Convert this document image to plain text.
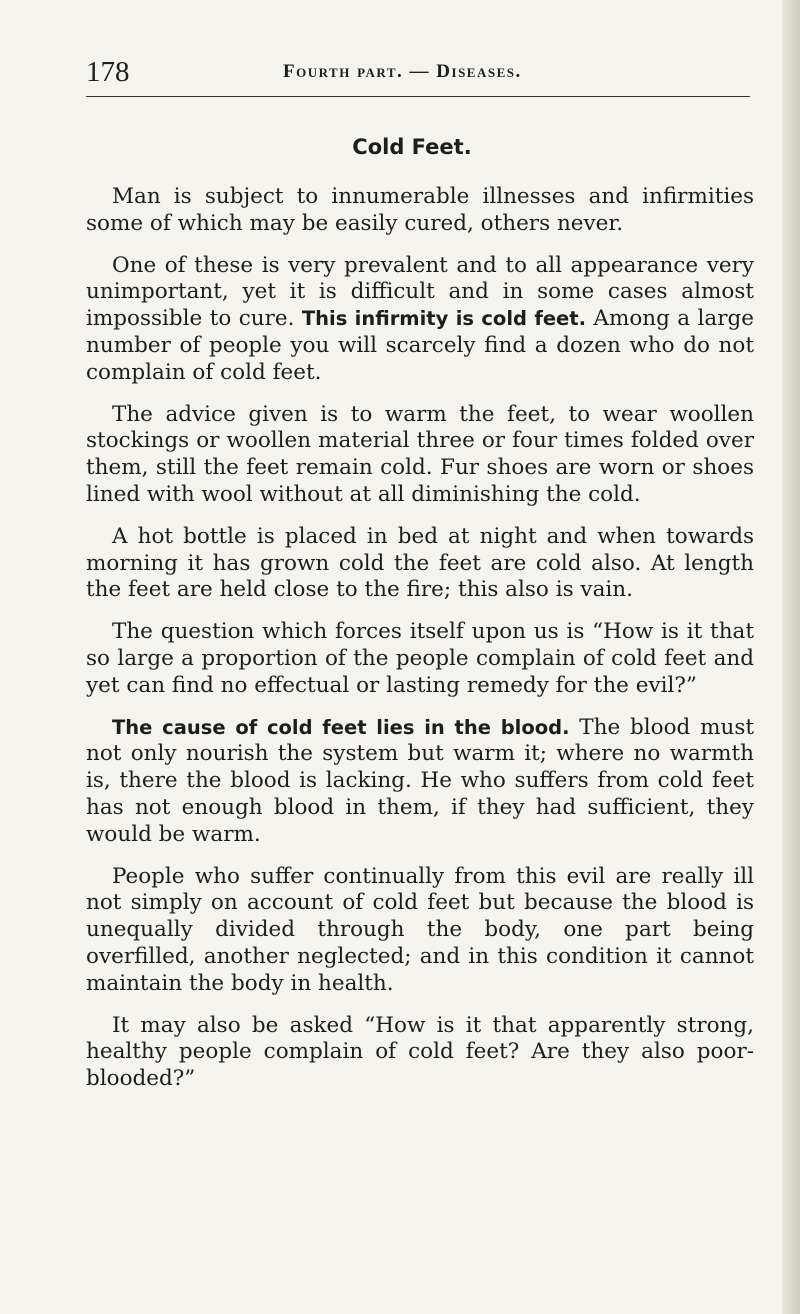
178	Fourth part. — Diseases.
Cold Feet.

Man is subject to innumerable illnesses and infirmities some of which may be easily cured, others never.

One of these is very prevalent and to all appearance very unimportant, yet it is difficult and in some cases almost impossible to cure. This infirmity is cold feet. Among a large number of people you will scarcely find a dozen who do not complain of cold feet.

The advice given is to warm the feet, to wear woollen stockings or woollen material three or four times folded over them, still the feet remain cold. Fur shoes are worn or shoes lined with wool without at all diminishing the cold.

A hot bottle is placed in bed at night and when towards morning it has grown cold the feet are cold also. At length the feet are held close to the fire; this also is vain.

The question which forces itself upon us is “How is it that so large a proportion of the people complain of cold feet and yet can find no effectual or lasting remedy for the evil?”

The cause of cold feet lies in the blood. The blood must not only nourish the system but warm it; where no warmth is, there the blood is lacking. He who suffers from cold feet has not enough blood in them, if they had sufficient, they would be warm.

People who suffer continually from this evil are really ill not simply on account of cold feet but because the blood is unequally divided through the body, one part being overfilled, another neglected; and in this condition it cannot maintain the body in health.

It may also be asked “How is it that apparently strong, healthy people complain of cold feet? Are they also poor-blooded?”
